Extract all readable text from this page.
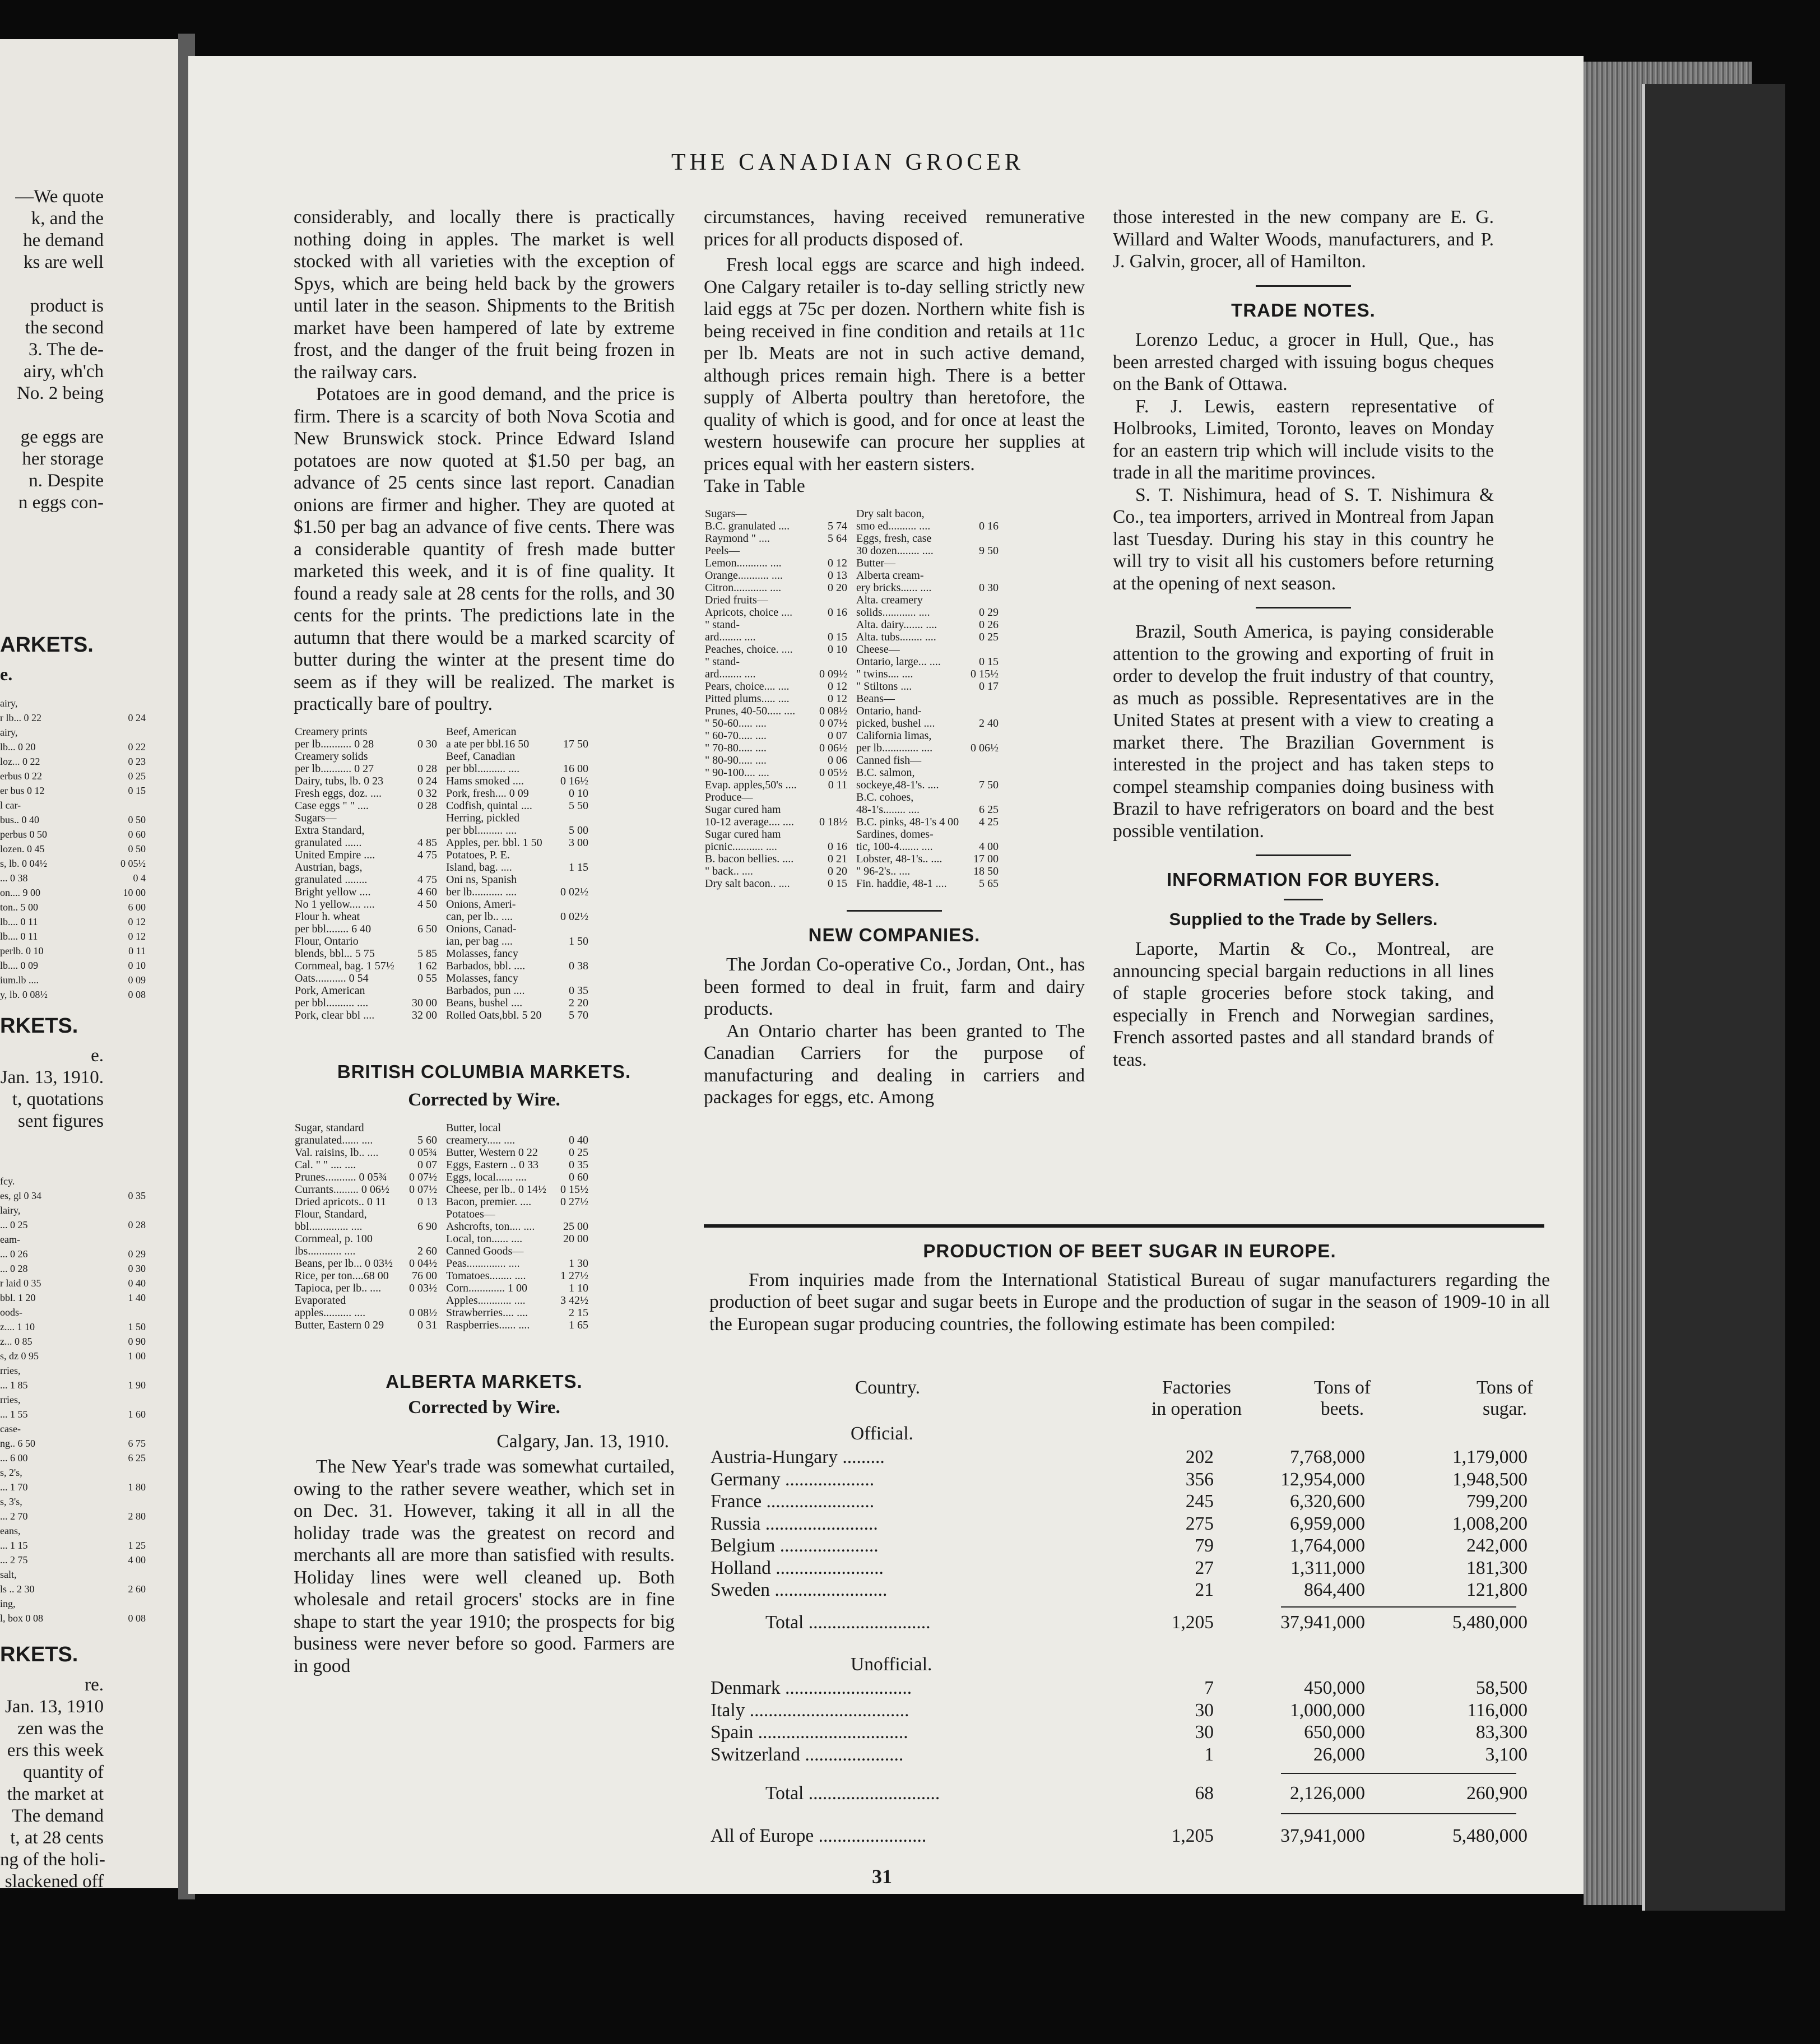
—We quote
k, and the
he demand
ks are well
product is
the second
3. The de-
airy, wh'ch
No. 2 being
ge eggs are
her storage
n. Despite
n eggs con-
ARKETS.
e.
airy,
r lb... 0 22	0 24
airy,
lb... 0 20	0 22
loz... 0 22	0 23
erbus 0 22	0 25
er bus 0 12	0 15
l car-
bus.. 0 40	0 50
perbus 0 50	0 60
lozen. 0 45	0 50
s, lb. 0 04½	0 05½
... 0 38	0 4
on.... 9 00	10 00
ton.. 5 00	6 00
lb.... 0 11	0 12
lb.... 0 11	0 12
perlb. 0 10	0 11
lb.... 0 09	0 10
ium.lb ....	0 09
y, lb. 0 08½	0 08
RKETS.
e.
Jan. 13, 1910.
t, quotations
sent figures
fcy.
es, gl 0 34	0 35
lairy,
... 0 25	0 28
eam-
... 0 26	0 29
... 0 28	0 30
r laid 0 35	0 40
bbl. 1 20	1 40
oods-
z.... 1 10	1 50
z... 0 85	0 90
s, dz 0 95	1 00
rries,
... 1 85	1 90
rries,
... 1 55	1 60
case-
ng.. 6 50	6 75
... 6 00	6 25
s, 2's,
... 1 70	1 80
s, 3's,
... 2 70	2 80
eans,
... 1 15	1 25
... 2 75	4 00
salt,
ls .. 2 30	2 60
ing,
l, box 0 08	0 08
RKETS.
re.
Jan. 13, 1910
zen was the
ers this week
quantity of
the market at
The demand
t, at 28 cents
ng of the holi-
slackened off
THE CANADIAN GROCER

considerably, and locally there is practically nothing doing in apples. The market is well stocked with all varieties with the exception of Spys, which are being held back by the growers until later in the season. Shipments to the British market have been hampered of late by extreme frost, and the danger of the fruit being frozen in the railway cars.

Potatoes are in good demand, and the price is firm. There is a scarcity of both Nova Scotia and New Brunswick stock. Prince Edward Island potatoes are now quoted at $1.50 per bag, an advance of 25 cents since last report. Canadian onions are firmer and higher. They are quoted at $1.50 per bag an advance of five cents. There was a considerable quantity of fresh made butter marketed this week, and it is of fine quality. It found a ready sale at 28 cents for the rolls, and 30 cents for the prints. The predictions late in the autumn that there would be a marked scarcity of butter during the winter at the present time do seem as if they will be realized. The market is practically bare of poultry.

Creamery prints	
per lb........... 0 28	0 30
Creamery solids	
per lb........... 0 27	0 28
Dairy, tubs, lb. 0 23	0 24
Fresh eggs, doz. ....	0 32
Case eggs " " ....	0 28
Sugars—	
Extra Standard,	
granulated ......	4 85
United Empire ....	4 75
Austrian, bags,	
granulated ........	4 75
Bright yellow ....	4 60
No 1 yellow.... ....	4 50
Flour h. wheat	
per bbl........ 6 40	6 50
Flour, Ontario	
blends, bbl... 5 75	5 85
Cornmeal, bag. 1 57½	1 62
Oats........... 0 54	0 55
Pork, American	
per bbl.......... ....	30 00
Pork, clear bbl ....	32 00
Beef, American	
a ate per bbl.16 50	17 50
Beef, Canadian	
per bbl.......... ....	16 00
Hams smoked ....	0 16½
Pork, fresh.... 0 09	0 10
Codfish, quintal ....	5 50
Herring, pickled	
per bbl......... ....	5 00
Apples, per. bbl. 1 50	3 00
Potatoes, P. E.	
Island, bag. ....	1 15
Oni ns, Spanish	
ber lb........... ....	0 02½
Onions, Ameri-	
can, per lb.. ....	0 02½
Onions, Canad-	
ian, per bag ....	1 50
Molasses, fancy	
Barbados, bbl. ....	0 38
Molasses, fancy	
Barbados, pun ....	0 35
Beans, bushel ....	2 20
Rolled Oats,bbl. 5 20	5 70
BRITISH COLUMBIA MARKETS.
Corrected by Wire.
Sugar, standard	
granulated...... ....	5 60
Val. raisins, lb.. ....	0 05¾
Cal. " " .... ....	0 07
Prunes........... 0 05¾	0 07½
Currants......... 0 06½	0 07½
Dried apricots.. 0 11	0 13
Flour, Standard,	
bbl.............. ....	6 90
Cornmeal, p. 100	
lbs............ ....	2 60
Beans, per lb... 0 03½	0 04½
Rice, per ton....68 00	76 00
Tapioca, per lb.. ....	0 03½
Evaporated	
apples.......... ....	0 08½
Butter, Eastern 0 29	0 31
Butter, local	
creamery..... ....	0 40
Butter, Western 0 22	0 25
Eggs, Eastern .. 0 33	0 35
Eggs, local...... ....	0 60
Cheese, per lb.. 0 14½	0 15½
Bacon, premier. ....	0 27½
Potatoes—	
Ashcrofts, ton.... ....	25 00
Local, ton...... ....	20 00
Canned Goods—	
Peas.............. ....	1 30
Tomatoes........ ....	1 27½
Corn............. 1 00	1 10
Apples............ ....	3 42½
Strawberries.... ....	2 15
Raspberries...... ....	1 65
ALBERTA MARKETS.
Corrected by Wire.
Calgary, Jan. 13, 1910.

The New Year's trade was somewhat curtailed, owing to the rather severe weather, which set in on Dec. 31. However, taking it all in all the holiday trade was the greatest on record and merchants all are more than satisfied with results. Holiday lines were well cleaned up. Both wholesale and retail grocers' stocks are in fine shape to start the year 1910; the prospects for big business were never before so good. Farmers are in good

circumstances, having received remunerative prices for all products disposed of.

Fresh local eggs are scarce and high indeed. One Calgary retailer is to-day selling strictly new laid eggs at 75c per dozen. Northern white fish is being received in fine condition and retails at 11c per lb. Meats are not in such active demand, although prices remain high. There is a better supply of Alberta poultry than heretofore, the quality of which is good, and for once at least the western housewife can procure her supplies at prices equal with her eastern sisters.

Take in Table
Sugars—	
B.C. granulated ....	5 74
Raymond " ....	5 64
Peels—	
Lemon........... ....	0 12
Orange........... ....	0 13
Citron............ ....	0 20
Dried fruits—	
Apricots, choice ....	0 16
" stand-	
ard........ ....	0 15
Peaches, choice. ....	0 10
" stand-	
ard........ ....	0 09½
Pears, choice.... ....	0 12
Pitted plums..... ....	0 12
Prunes, 40-50..... ....	0 08½
" 50-60..... ....	0 07½
" 60-70..... ....	0 07
" 70-80..... ....	0 06½
" 80-90..... ....	0 06
" 90-100.... ....	0 05½
Evap. apples,50's ....	0 11
Produce—	
Sugar cured ham	
10-12 average.... ....	0 18½
Sugar cured ham	
picnic........... ....	0 16
B. bacon bellies. ....	0 21
" back.. ....	0 20
Dry salt bacon.. ....	0 15
Dry salt bacon,	
smo ed.......... ....	0 16
Eggs, fresh, case	
30 dozen........ ....	9 50
Butter—	
Alberta cream-	
ery bricks...... ....	0 30
Alta. creamery	
solids............ ....	0 29
Alta. dairy....... ....	0 26
Alta. tubs........ ....	0 25
Cheese—	
Ontario, large... ....	0 15
" twins.... ....	0 15½
" Stiltons ....	0 17
Beans—	
Ontario, hand-	
picked, bushel ....	2 40
California limas,	
per lb............. ....	0 06½
Canned fish—	
B.C. salmon,	
sockeye,48-1's. ....	7 50
B.C. cohoes,	
48-1's........ ....	6 25
B.C. pinks, 48-1's 4 00	4 25
Sardines, domes-	
tic, 100-4....... ....	4 00
Lobster, 48-1's.. ....	17 00
" 96-2's.. ....	18 50
Fin. haddie, 48-1 ....	5 65
NEW COMPANIES.

The Jordan Co-operative Co., Jordan, Ont., has been formed to deal in fruit, farm and dairy products.

An Ontario charter has been granted to The Canadian Carriers for the purpose of manufacturing and dealing in carriers and packages for eggs, etc. Among

those interested in the new company are E. G. Willard and Walter Woods, manufacturers, and P. J. Galvin, grocer, all of Hamilton.

TRADE NOTES.

Lorenzo Leduc, a grocer in Hull, Que., has been arrested charged with issuing bogus cheques on the Bank of Ottawa.

F. J. Lewis, eastern representative of Holbrooks, Limited, Toronto, leaves on Monday for an eastern trip which will include visits to the trade in all the maritime provinces.

S. T. Nishimura, head of S. T. Nishimura & Co., tea importers, arrived in Montreal from Japan last Tuesday. During his stay in this country he will try to visit all his customers before returning at the opening of next season.

Brazil, South America, is paying considerable attention to the growing and exporting of fruit in order to develop the fruit industry of that country, as much as possible. Representatives are in the United States at present with a view to creating a market there. The Brazilian Government is interested in the project and has taken steps to compel steamship companies doing business with Brazil to have refrigerators on board and the best possible ventilation.

INFORMATION FOR BUYERS.
Supplied to the Trade by Sellers.

Laporte, Martin & Co., Montreal, are announcing special bargain reductions in all lines of staple groceries before stock taking, and especially in French and Norwegian sardines, French assorted pastes and all standard brands of teas.

PRODUCTION OF BEET SUGAR IN EUROPE.

From inquiries made from the International Statistical Bureau of sugar manufacturers regarding the production of beet sugar and sugar beets in Europe and the production of sugar in the season of 1909-10 in all the European sugar producing countries, the following estimate has been compiled:

Country.	Factories
in operation
Tons of
beets.
Tons of
sugar.
Official.
Austria-Hungary .........	202	7,768,000	1,179,000
Germany ...................	356	12,954,000	1,948,500
France .......................	245	6,320,600	799,200
Russia ........................	275	6,959,000	1,008,200
Belgium .....................	79	1,764,000	242,000
Holland .......................	27	1,311,000	181,300
Sweden ........................	21	864,400	121,800
Total ..........................	1,205	37,941,000	5,480,000
Unofficial.
Denmark ...........................	7	450,000	58,500
Italy ..................................	30	1,000,000	116,000
Spain ................................	30	650,000	83,300
Switzerland .....................	1	26,000	3,100
Total ............................	68	2,126,000	260,900
All of Europe .......................	1,205	37,941,000	5,480,000
31
